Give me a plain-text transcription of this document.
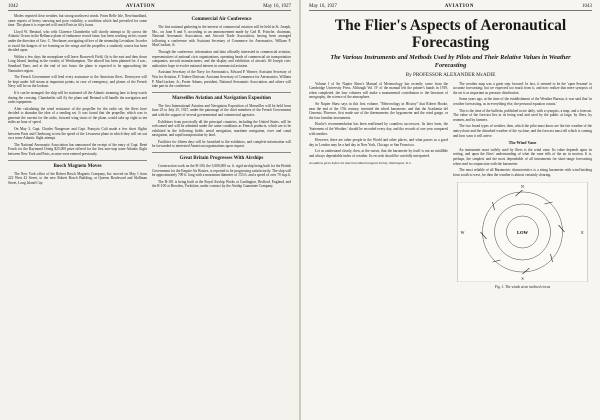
1042	AVIATION	May 16, 1927

Modes reported clear weather, but strong northwest winds. From Belle Isle, Newfoundland, came reports of heavy snowing and poor visibility, a condition which had prevailed for some time. The plane it is expected will reach Paris in fifty hours.

Lloyd W. Bertaud, who with Clarence Chamberlin will shortly attempt to fly across the Atlantic Ocean in the Bellanca plane of endurance record fame, has been working on his course under the direction of Geo. C. Newbauer, navigating officer of the steamship Leviathan. In order to avoid the dangers of ice forming on the wings and the propeller, a southerly course has been decided upon.

Within a few days the monoplane will leave Roosevelt Field, fly to the east and then down Long Island, landing in the vicinity of Westhampton. The takeoff has been planned for 4 a.m., Standard Time, and at the end of two hours the plane is expected to be approaching the Nantucket region.

The French Government will lend every assistance to the American fliers. Destroyers will be kept under full steam at important points, in case of emergency, and planes of the French Navy will be on the lookout.

If it can be arranged, the ship will be stationed off the Atlantic steaming lane to keep watch during the crossing. Chamberlin will fly the plane and Bertaud will handle the navigation and radio equipment.

After calculating the wind resistance of the propeller for the radio set, the fliers have decided to abandon the idea of a sending set. It was found that the propeller, which was to generate the current for the radio, forward wing struts of the plane, would take up eight to ten miles an hour of speed.

On May 3, Capt. Charles Nungesser and Capt. François Coli made a few short flights between Paris and Cherbourg to test the speed of the Levasseur plane in which they will set out on a trans-Atlantic flight attempt.

The National Aeronautic Association has announced the receipt of the entry of Capt. René Fonck for the Raymond Orteig $25,000 prize offered for the first non-stop trans-Atlantic flight between New York and Paris, as nine were entered previously.

Bosch Magneto Moves

The New York office of the Robert Bosch Magneto Company, Inc. moved on May 1 from 222 West 42 Street, to the new Robert Bosch Building, at Queens Boulevard and Skillman Street, Long Island City.

Commercial Air Conference

The first national gathering in the interest of commercial aviation will be held in St. Joseph, Mo., on June 8 and 9, according to an announcement made by Carl B. Fritsche, chairman, National Aeronautic Association, and Aircraft Trade Association, having been arranged following a conference with Assistant Secretary of Commerce for Aeronautics, William P. MacCracken, Jr.

Through the conference, information and data officially interested in commercial aviation, representatives of national civic organizations, operating heads of commercial air transportation companies, aircraft manufacturers, and the display and exhibition of aircraft, 60 Joseph civic authorities hope to evolve national interest in commercial aviation.

Assistant Secretary of the Navy for Aeronautics, Edward P. Warner; Assistant Secretary of War for Aviation, F. Trubee Davison; Assistant Secretary of Commerce for Aeronautics, William P. MacCracken, Jr.; Porter Adams, president, National Aeronautic Association, and others will take part in the conference.

Marseilles Aviation and Navigation Exposition

The first International Aviation and Navigation Exposition of Marseilles will be held from June 25 to July 25, 1927, under the patronage of the chief members of the French Government and with the support of several governmental and commercial agencies.

Exhibitors from practically all the principal countries, including the United States, will be welcomed and will be admitted under the same conditions as French products, which are to be exhibited in the following fields: aerial navigation, maritime navigation, river and canal navigation, and rapid transportation by land.

Facilities for fifteen days will be furnished to the exhibitors, and complete information will be forwarded to interested American organizations upon request.

Great Britain Progresses With Airships

Construction work on the R-100, the 5,000,000 cu. ft. rigid airship being built for the British Government for the Empire Air Routes, is reported to be progressing satisfactorily. The ship will be approximately 709 ft. long with a maximum diameter of 133 ft. and a speed of over 70 m.p.h.

The R-101 is being built at the Royal Airship Works at Cardington, Bedford, England, and the R-100 at Howden, Yorkshire, under contract by the Airship Guarantee Company.

May 16, 1927	AVIATION	1043
The Flier's Aspects of Aeronautical Forecasting
The Various Instruments and Methods Used by Pilots and Their Relative Values in Weather Forecasting
By PROFESSOR ALEXANDER McADIE

Volume I of Sir Napier Shaw's Manual of Meteorology has recently come from the Cambridge University Press. Although Vol. IV of the manual left the printer's hands in 1919, when completed, the four volumes will make a monumental contribution to the literature of aerography, the science of the atmosphere.

Sir Napier Shaw says in this first volume, "Meteorology in History" that Robert Hooke, near the end of the 17th century, invented the wheel barometer; and that the Acadamia del Cimento, Florence, first made use of the thermometer, the hygrometer and the wind gauge, or the four familiar instruments.

Hooke's recommendation has been reaffirmed by countless successors. Its later form, the 'Statement of the Weather,' should be recorded every day, and the records of one year compared with another.

However, there are other people in the World and other places, and what passes as a good day in London may be a bad day in New York, Chicago or San Francisco.

Let us understand clearly, then, at the outset, that the barometer by itself is not an infallible and always dependable index of weather. Its records should be carefully interpreted.

An address given before the American Meteorological Society, Washington, D.C.

The weather map was a great step forward. In fact, it seemed to be the 'open Sesame' to accurate forecasting; but we expected too much from it, and now realize that mere synopsis of the air is as important as pressure distribution.

Some years ago, at the time of the establishment of the Weather Bureau, it was said that 'in weather forecasting, as in everything else, the personal equation counts.'

This is the time of the bulletin, published twice daily, with a synopsis, a map, and a forecast. The value of the forecast lies in its being read and used by the public at large, by fliers, by seamen, and by farmers.

The two broad types of weather, then, which the pilot must know are the fair weather of the anticyclone and the disturbed weather of the cyclone; and the forecast must tell which is coming and how soon it will arrive.

The Wind Vane

An instrument most widely used by fliers is the wind vane. Its value depends upon its setting, and upon the fliers' understanding of what the vane tells of the air in motion. It is, perhaps, the simplest and the most dependable of all instruments for short-range forecasting when read in conjunction with the barometer.

The most reliable of all Barometric characteristics is a rising barometer with wind backing from south to west, for then the weather is almost certainly clearing.

N
S
E
W	LOW
Fig. 1. The winds at an inclined circus
